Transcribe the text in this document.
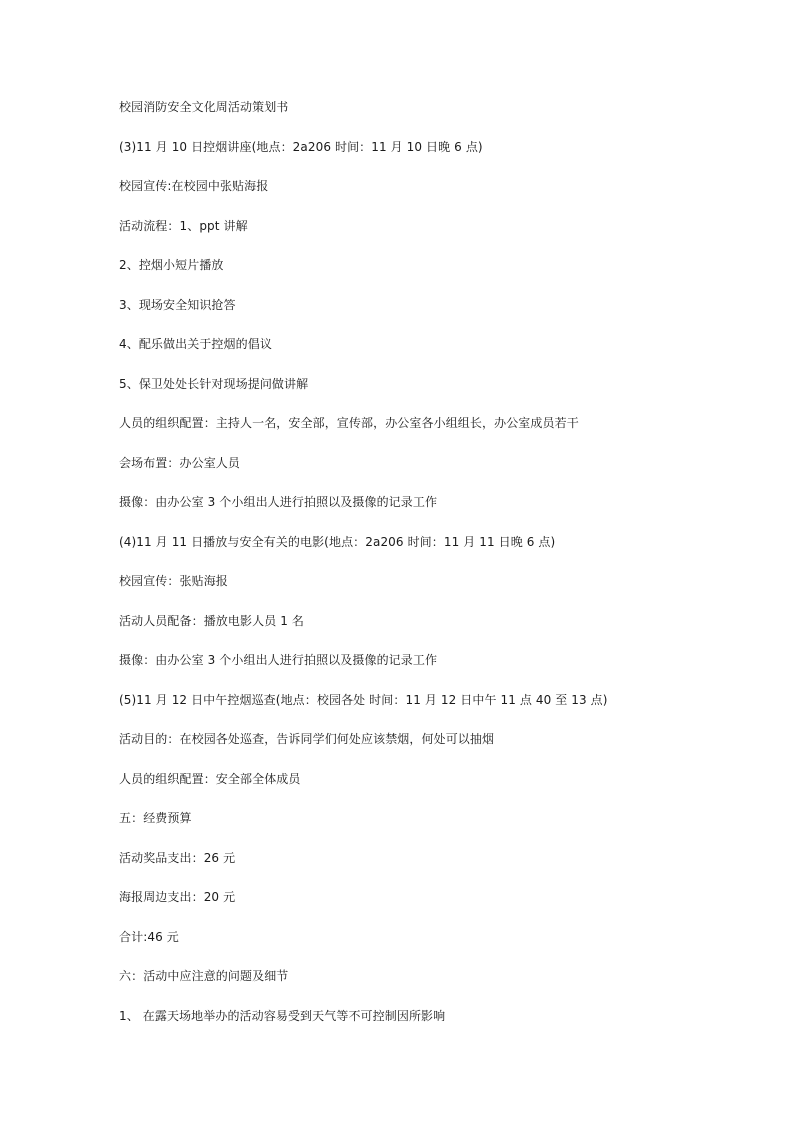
校园消防安全文化周活动策划书
(3)11 月 10 日控烟讲座(地点：2a206 时间：11 月 10 日晚 6 点)
校园宣传:在校园中张贴海报
活动流程：1、ppt 讲解
2、控烟小短片播放
3、现场安全知识抢答
4、配乐做出关于控烟的倡议
5、保卫处处长针对现场提问做讲解
人员的组织配置：主持人一名，安全部，宣传部，办公室各小组组长，办公室成员若干
会场布置：办公室人员
摄像：由办公室 3 个小组出人进行拍照以及摄像的记录工作
(4)11 月 11 日播放与安全有关的电影(地点：2a206 时间：11 月 11 日晚 6 点)
校园宣传：张贴海报
活动人员配备：播放电影人员 1 名
摄像：由办公室 3 个小组出人进行拍照以及摄像的记录工作
(5)11 月 12 日中午控烟巡查(地点：校园各处 时间：11 月 12 日中午 11 点 40 至 13 点)
活动目的：在校园各处巡查，告诉同学们何处应该禁烟，何处可以抽烟
人员的组织配置：安全部全体成员
五：经费预算
活动奖品支出：26 元
海报周边支出：20 元
合计:46 元
六：活动中应注意的问题及细节
1、 在露天场地举办的活动容易受到天气等不可控制因所影响
